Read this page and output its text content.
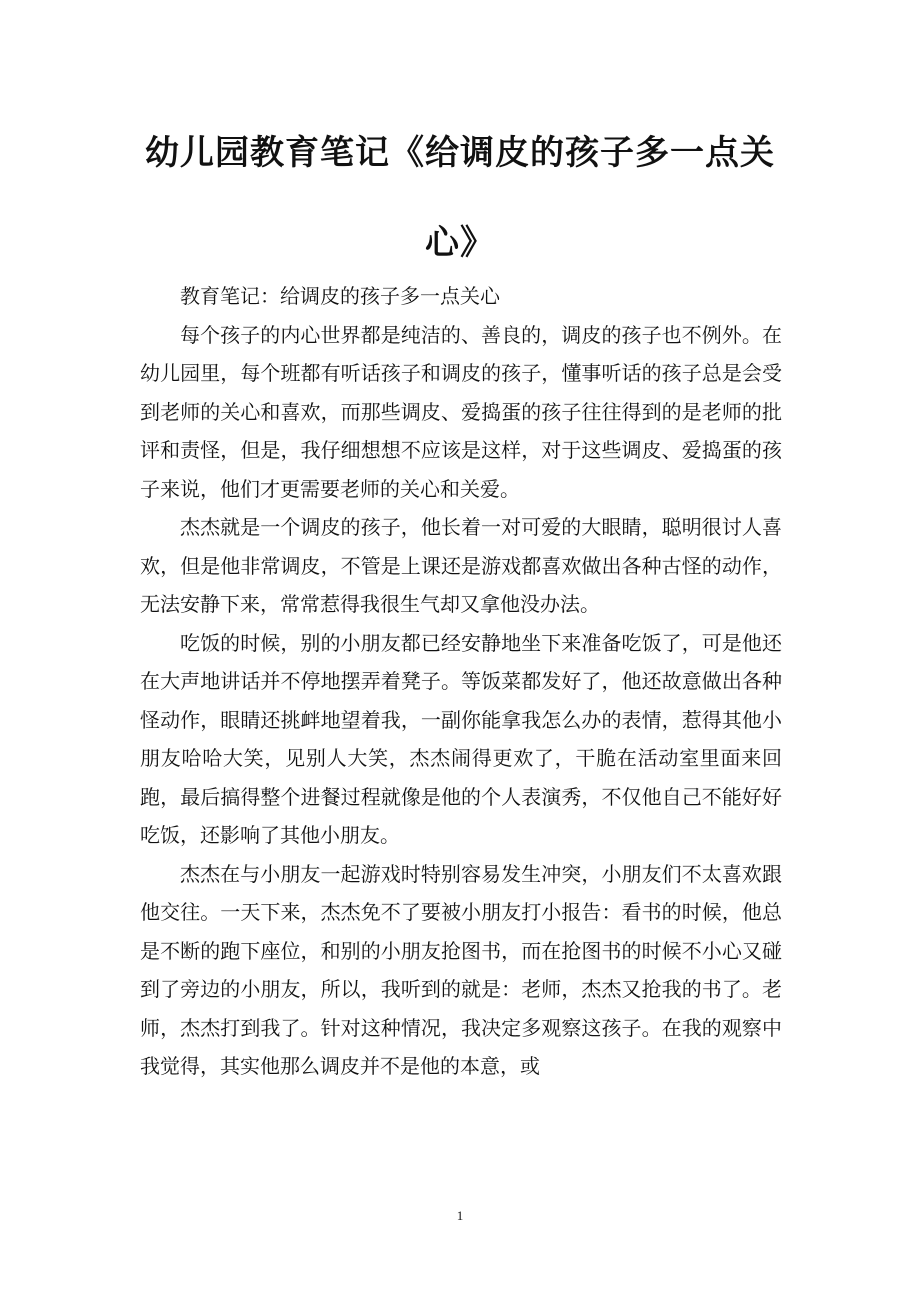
幼儿园教育笔记《给调皮的孩子多一点关心》

教育笔记：给调皮的孩子多一点关心

每个孩子的内心世界都是纯洁的、善良的，调皮的孩子也不例外。在幼儿园里，每个班都有听话孩子和调皮的孩子，懂事听话的孩子总是会受到老师的关心和喜欢，而那些调皮、爱捣蛋的孩子往往得到的是老师的批评和责怪，但是，我仔细想想不应该是这样，对于这些调皮、爱捣蛋的孩子来说，他们才更需要老师的关心和关爱。

杰杰就是一个调皮的孩子，他长着一对可爱的大眼睛，聪明很讨人喜欢，但是他非常调皮，不管是上课还是游戏都喜欢做出各种古怪的动作，无法安静下来，常常惹得我很生气却又拿他没办法。

吃饭的时候，别的小朋友都已经安静地坐下来准备吃饭了，可是他还在大声地讲话并不停地摆弄着凳子。等饭菜都发好了，他还故意做出各种怪动作，眼睛还挑衅地望着我，一副你能拿我怎么办的表情，惹得其他小朋友哈哈大笑，见别人大笑，杰杰闹得更欢了，干脆在活动室里面来回跑，最后搞得整个进餐过程就像是他的个人表演秀，不仅他自己不能好好吃饭，还影响了其他小朋友。

杰杰在与小朋友一起游戏时特别容易发生冲突，小朋友们不太喜欢跟他交往。一天下来，杰杰免不了要被小朋友打小报告：看书的时候，他总是不断的跑下座位，和别的小朋友抢图书，而在抢图书的时候不小心又碰到了旁边的小朋友，所以，我听到的就是：老师，杰杰又抢我的书了。老师，杰杰打到我了。针对这种情况，我决定多观察这孩子。在我的观察中我觉得，其实他那么调皮并不是他的本意，或

1
